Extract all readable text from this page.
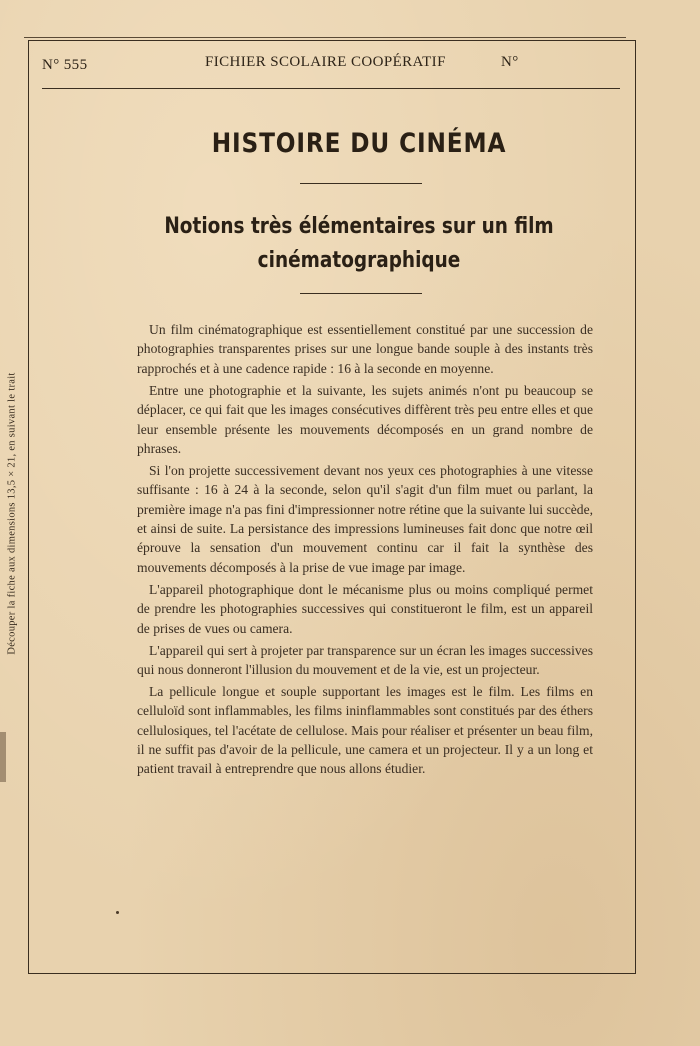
Découper la fiche aux dimensions 13,5 × 21, en suivant le trait
N° 555	FICHIER SCOLAIRE COOPÉRATIF	N°
HISTOIRE DU CINÉMA
Notions très élémentaires sur un film
cinématographique

Un film cinématographique est essentiellement constitué par une succession de photographies transparentes prises sur une longue bande souple à des instants très rapprochés et à une cadence rapide : 16 à la seconde en moyenne.

Entre une photographie et la suivante, les sujets animés n'ont pu beaucoup se déplacer, ce qui fait que les images consécutives diffèrent très peu entre elles et que leur ensemble présente les mouvements décomposés en un grand nombre de phrases.

Si l'on projette successivement devant nos yeux ces photographies à une vitesse suffisante : 16 à 24 à la seconde, selon qu'il s'agit d'un film muet ou parlant, la première image n'a pas fini d'impressionner notre rétine que la suivante lui succède, et ainsi de suite. La persistance des impressions lumineuses fait donc que notre œil éprouve la sensation d'un mouvement continu car il fait la synthèse des mouvements décomposés à la prise de vue image par image.

L'appareil photographique dont le mécanisme plus ou moins compliqué permet de prendre les photographies successives qui constitueront le film, est un appareil de prises de vues ou camera.

L'appareil qui sert à projeter par transparence sur un écran les images successives qui nous donneront l'illusion du mouvement et de la vie, est un projecteur.

La pellicule longue et souple supportant les images est le film. Les films en celluloïd sont inflammables, les films ininflammables sont constitués par des éthers cellulosiques, tel l'acétate de cellulose. Mais pour réaliser et présenter un beau film, il ne suffit pas d'avoir de la pellicule, une camera et un projecteur. Il y a un long et patient travail à entreprendre que nous allons étudier.
